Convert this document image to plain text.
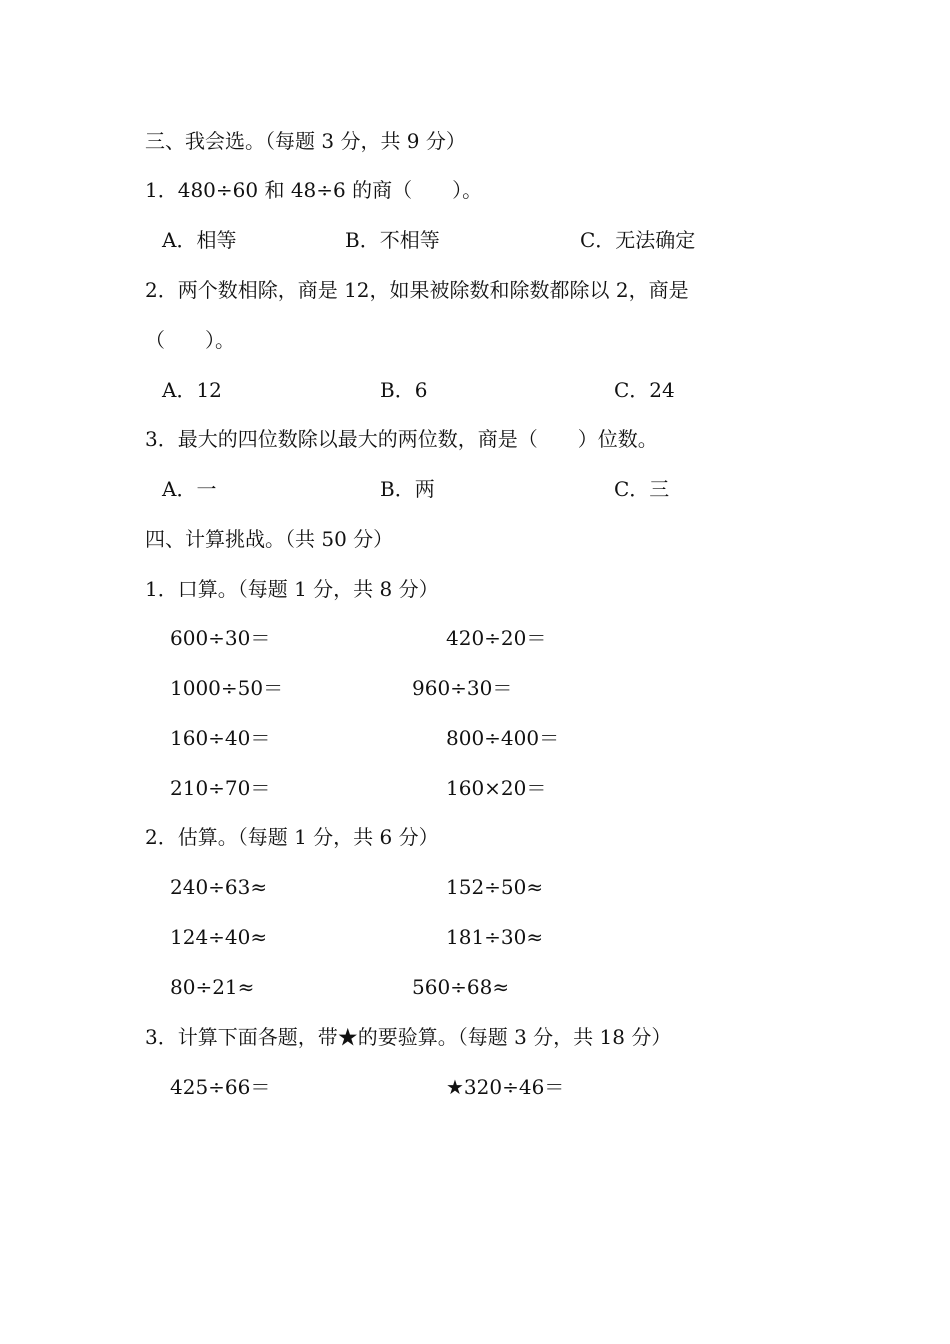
三、我会选。（每题 3 分，共 9 分）
1．480÷60 和 48÷6 的商（　　）。
A．相等	B．不相等	C．无法确定
2．两个数相除，商是 12，如果被除数和除数都除以 2，商是
（　　）。
A．12	B．6	C．24
3．最大的四位数除以最大的两位数，商是（　　）位数。
A．一	B．两	C．三
四、计算挑战。（共 50 分）
1．口算。（每题 1 分，共 8 分）
600÷30＝	420÷20＝
1000÷50＝	960÷30＝
160÷40＝	800÷400＝
210÷70＝	160×20＝
2．估算。（每题 1 分，共 6 分）
240÷63≈	152÷50≈
124÷40≈	181÷30≈
80÷21≈	560÷68≈
3．计算下面各题，带★的要验算。（每题 3 分，共 18 分）
425÷66＝	★320÷46＝
